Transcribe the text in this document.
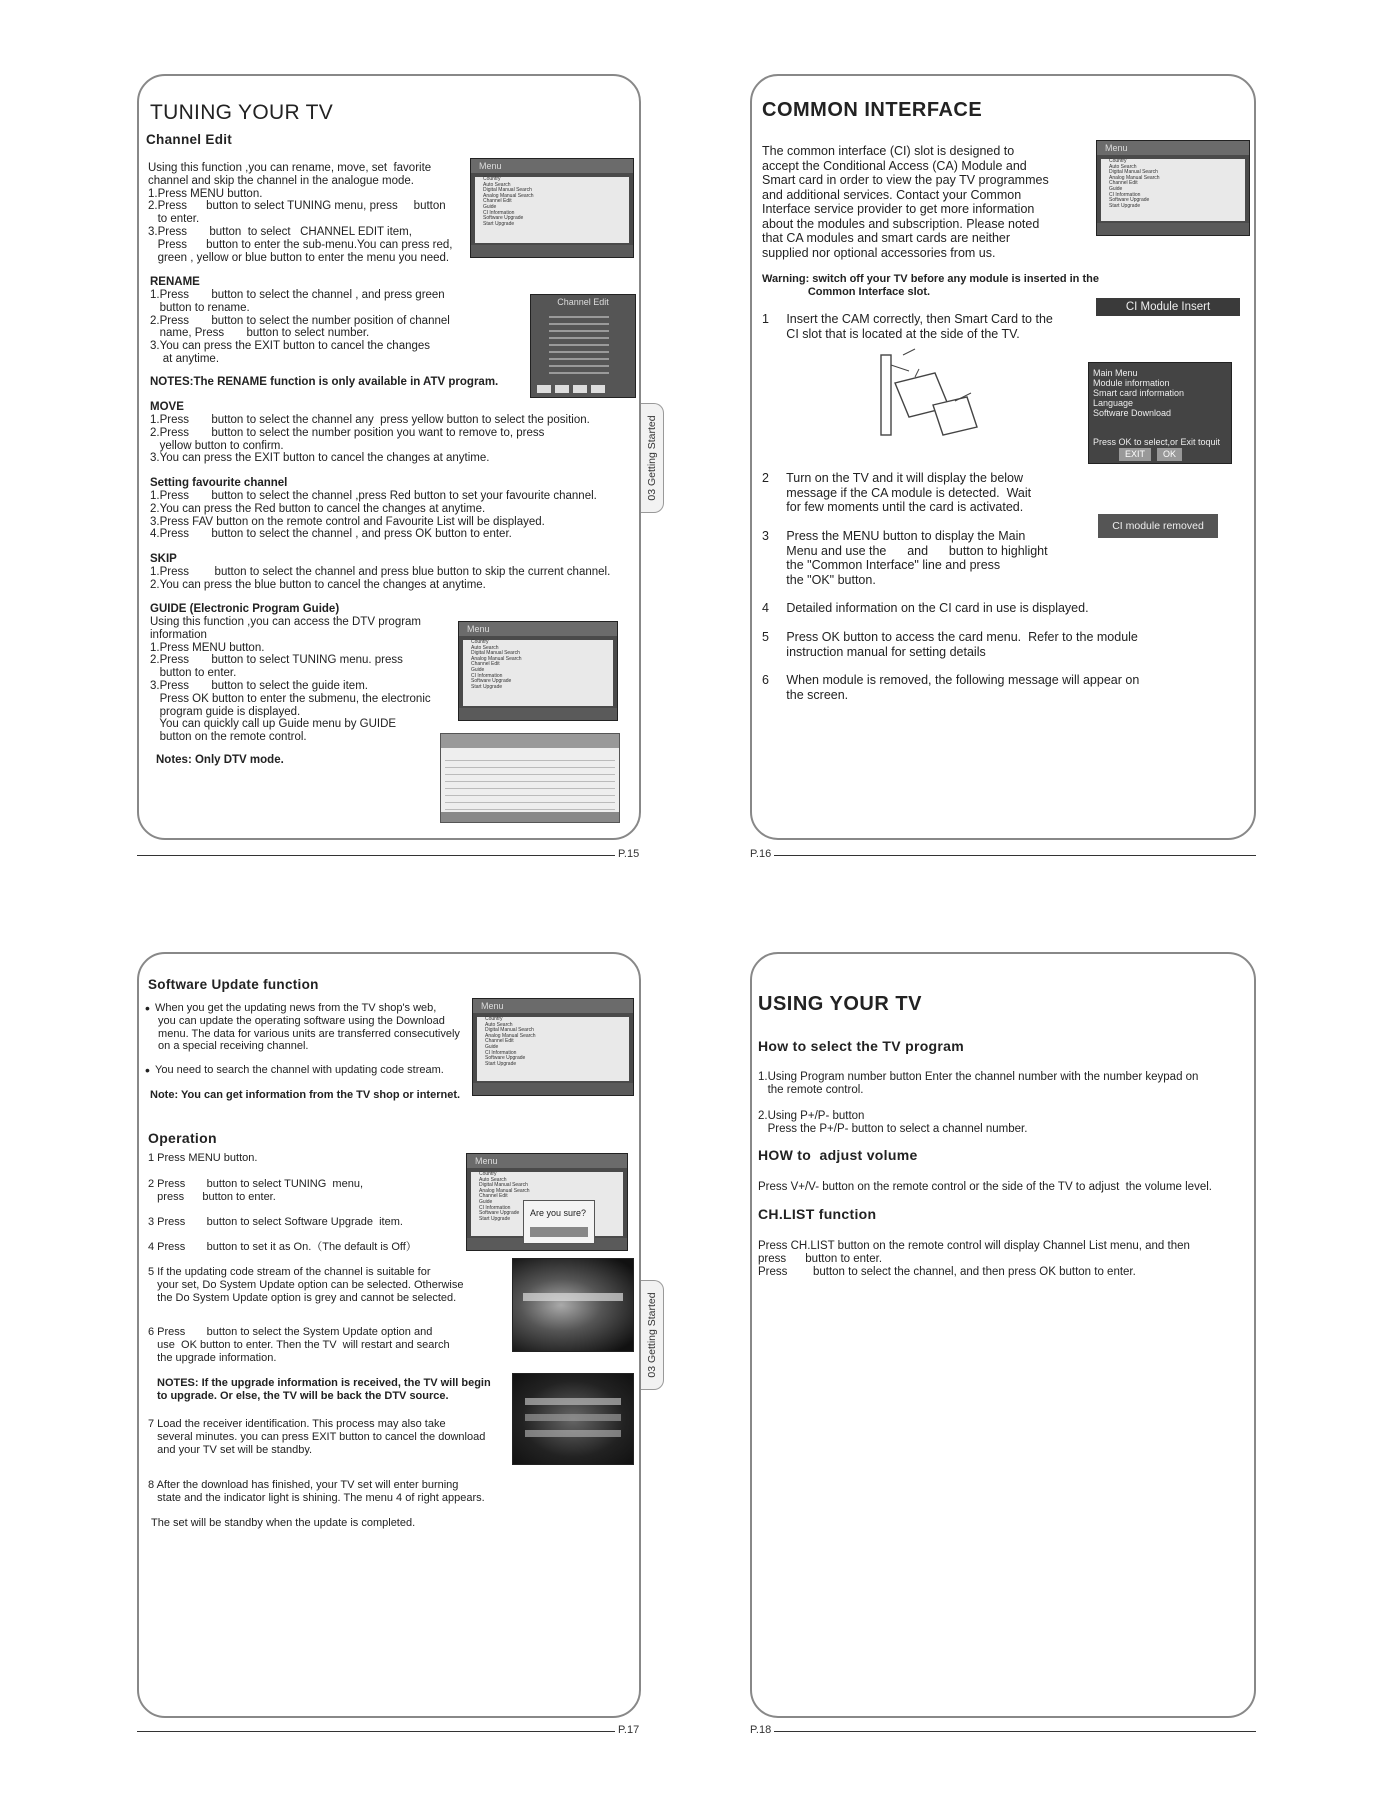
TUNING YOUR TV
Channel Edit
Using this function ,you can rename, move, set  favorite
channel and skip the channel in the analogue mode.
1.Press MENU button.
2.Press      button to select TUNING menu, press     button
to enter.
3.Press       button  to select   CHANNEL EDIT item,
Press      button to enter the sub-menu.You can press red,
green , yellow or blue button to enter the menu you need.
RENAME
1.Press       button to select the channel , and press green
button to rename.
2.Press       button to select the number position of channel
name, Press       button to select number.
3.You can press the EXIT button to cancel the changes
at anytime.
NOTES:The RENAME function is only available in ATV program.
MOVE
1.Press       button to select the channel any  press yellow button to select the position.
2.Press       button to select the number position you want to remove to, press
yellow button to confirm.
3.You can press the EXIT button to cancel the changes at anytime.
Setting favourite channel
1.Press       button to select the channel ,press Red button to set your favourite channel.
2.You can press the Red button to cancel the changes at anytime.
3.Press FAV button on the remote control and Favourite List will be displayed.
4.Press       button to select the channel , and press OK button to enter.
SKIP
1.Press        button to select the channel and press blue button to skip the current channel.
2.You can press the blue button to cancel the changes at anytime.
GUIDE (Electronic Program Guide)
Using this function ,you can access the DTV program
information
1.Press MENU button.
2.Press       button to select TUNING menu. press
button to enter.
3.Press       button to select the guide item.
Press OK button to enter the submenu, the electronic
program guide is displayed.
You can quickly call up Guide menu by GUIDE
button on the remote control.
Notes: Only DTV mode.
Menu
Country
Auto Search
Digital Manual Search
Analog Manual Search
Channel Edit
Guide
CI Information
Software Upgrade
Start Upgrade
Channel Edit
Menu
Country
Auto Search
Digital Manual Search
Analog Manual Search
Channel Edit
Guide
CI Information
Software Upgrade
Start Upgrade
03 Getting Started
P.15
COMMON INTERFACE
The common interface (CI) slot is designed to
accept the Conditional Access (CA) Module and
Smart card in order to view the pay TV programmes
and additional services. Contact your Common
Interface service provider to get more information
about the modules and subscription. Please noted
that CA modules and smart cards are neither
supplied nor optional accessories from us.
Warning: switch off your TV before any module is inserted in the
Common Interface slot.
1     Insert the CAM correctly, then Smart Card to the
CI slot that is located at the side of the TV.
2     Turn on the TV and it will display the below
message if the CA module is detected.  Wait
for few moments until the card is activated.
3     Press the MENU button to display the Main
Menu and use the      and      button to highlight
the "Common Interface" line and press
the "OK" button.
4     Detailed information on the CI card in use is displayed.
5     Press OK button to access the card menu.  Refer to the module
instruction manual for setting details
6     When module is removed, the following message will appear on
the screen.
Menu
Country
Auto Search
Digital Manual Search
Analog Manual Search
Channel Edit
Guide
CI Information
Software Upgrade
Start Upgrade
CI Module Insert
Main Menu
Module information
Smart card information
Language
Software Download
Press OK to select,or Exit toquit
EXIT	OK
CI module removed
P.16
Software Update function
• When you get the updating news from the TV shop's web,
you can update the operating software using the Download
menu. The data for various units are transferred consecutively
on a special receiving channel.
• You need to search the channel with updating code stream.
Note: You can get information from the TV shop or internet.
Operation
1 Press MENU button.
2 Press       button to select TUNING  menu,
press      button to enter.
3 Press       button to select Software Upgrade  item.
4 Press       button to set it as On.（The default is Off）
5 If the updating code stream of the channel is suitable for
your set, Do System Update option can be selected. Otherwise
the Do System Update option is grey and cannot be selected.
6 Press       button to select the System Update option and
use  OK button to enter. Then the TV  will restart and search
the upgrade information.
NOTES: If the upgrade information is received, the TV will begin
to upgrade. Or else, the TV will be back the DTV source.
7 Load the receiver identification. This process may also take
several minutes. you can press EXIT button to cancel the download
and your TV set will be standby.
8 After the download has finished, your TV set will enter burning
state and the indicator light is shining. The menu 4 of right appears.
The set will be standby when the update is completed.
Menu
Country
Auto Search
Digital Manual Search
Analog Manual Search
Channel Edit
Guide
CI Information
Software Upgrade
Start Upgrade
Menu
Country
Auto Search
Digital Manual Search
Analog Manual Search
Channel Edit
Guide
CI Information
Software Upgrade
Start Upgrade
Are you sure?
03 Getting Started
P.17
USING YOUR TV
How to select the TV program
1.Using Program number button Enter the channel number with the number keypad on
the remote control.
2.Using P+/P- button
Press the P+/P- button to select a channel number.
HOW to  adjust volume
Press V+/V- button on the remote control or the side of the TV to adjust  the volume level.
CH.LIST function
Press CH.LIST button on the remote control will display Channel List menu, and then
press      button to enter.
Press        button to select the channel, and then press OK button to enter.
P.18
